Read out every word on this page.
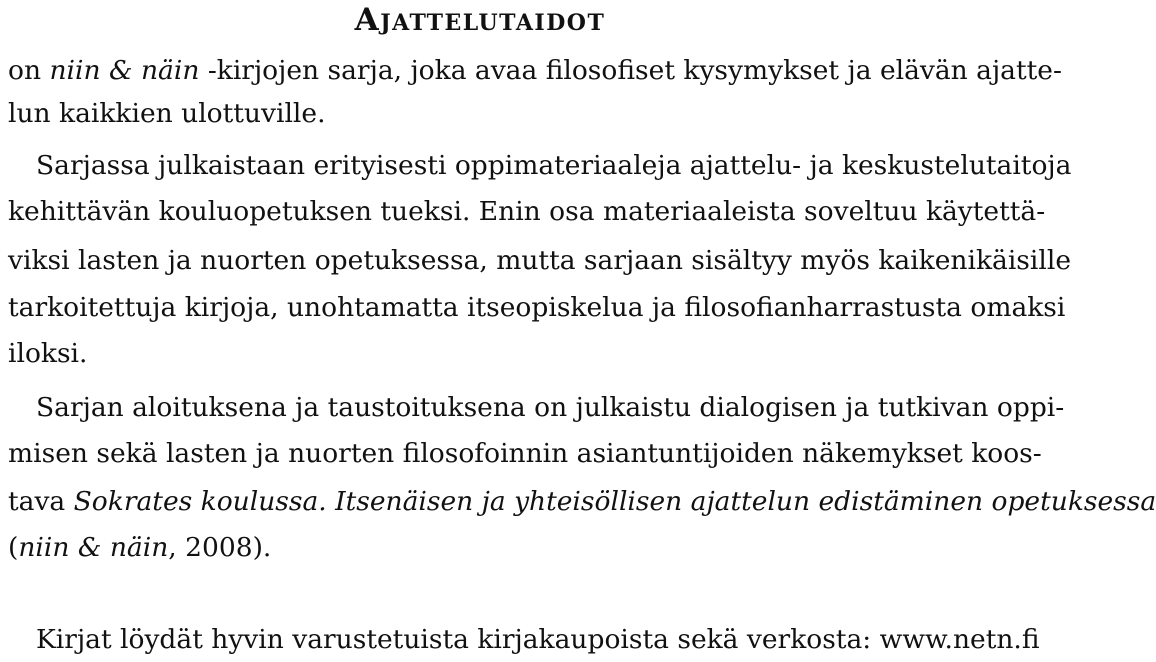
Ajattelutaidot

on niin & näin -kirjojen sarja, joka avaa filosofiset kysymykset ja elävän ajatte-

lun kaikkien ulottuville.

Sarjassa julkaistaan erityisesti oppimateriaaleja ajattelu- ja keskustelutaitoja

kehittävän kouluopetuksen tueksi. Enin osa materiaaleista soveltuu käytettä-

viksi lasten ja nuorten opetuksessa, mutta sarjaan sisältyy myös kaikenikäisille

tarkoitettuja kirjoja, unohtamatta itseopiskelua ja filosofianharrastusta omaksi

iloksi.

Sarjan aloituksena ja taustoituksena on julkaistu dialogisen ja tutkivan oppi-

misen sekä lasten ja nuorten filosofoinnin asiantuntijoiden näkemykset koos-

tava Sokrates koulussa. Itsenäisen ja yhteisöllisen ajattelun edistäminen opetuksessa

(niin & näin, 2008).

Kirjat löydät hyvin varustetuista kirjakaupoista sekä verkosta: www.netn.fi
